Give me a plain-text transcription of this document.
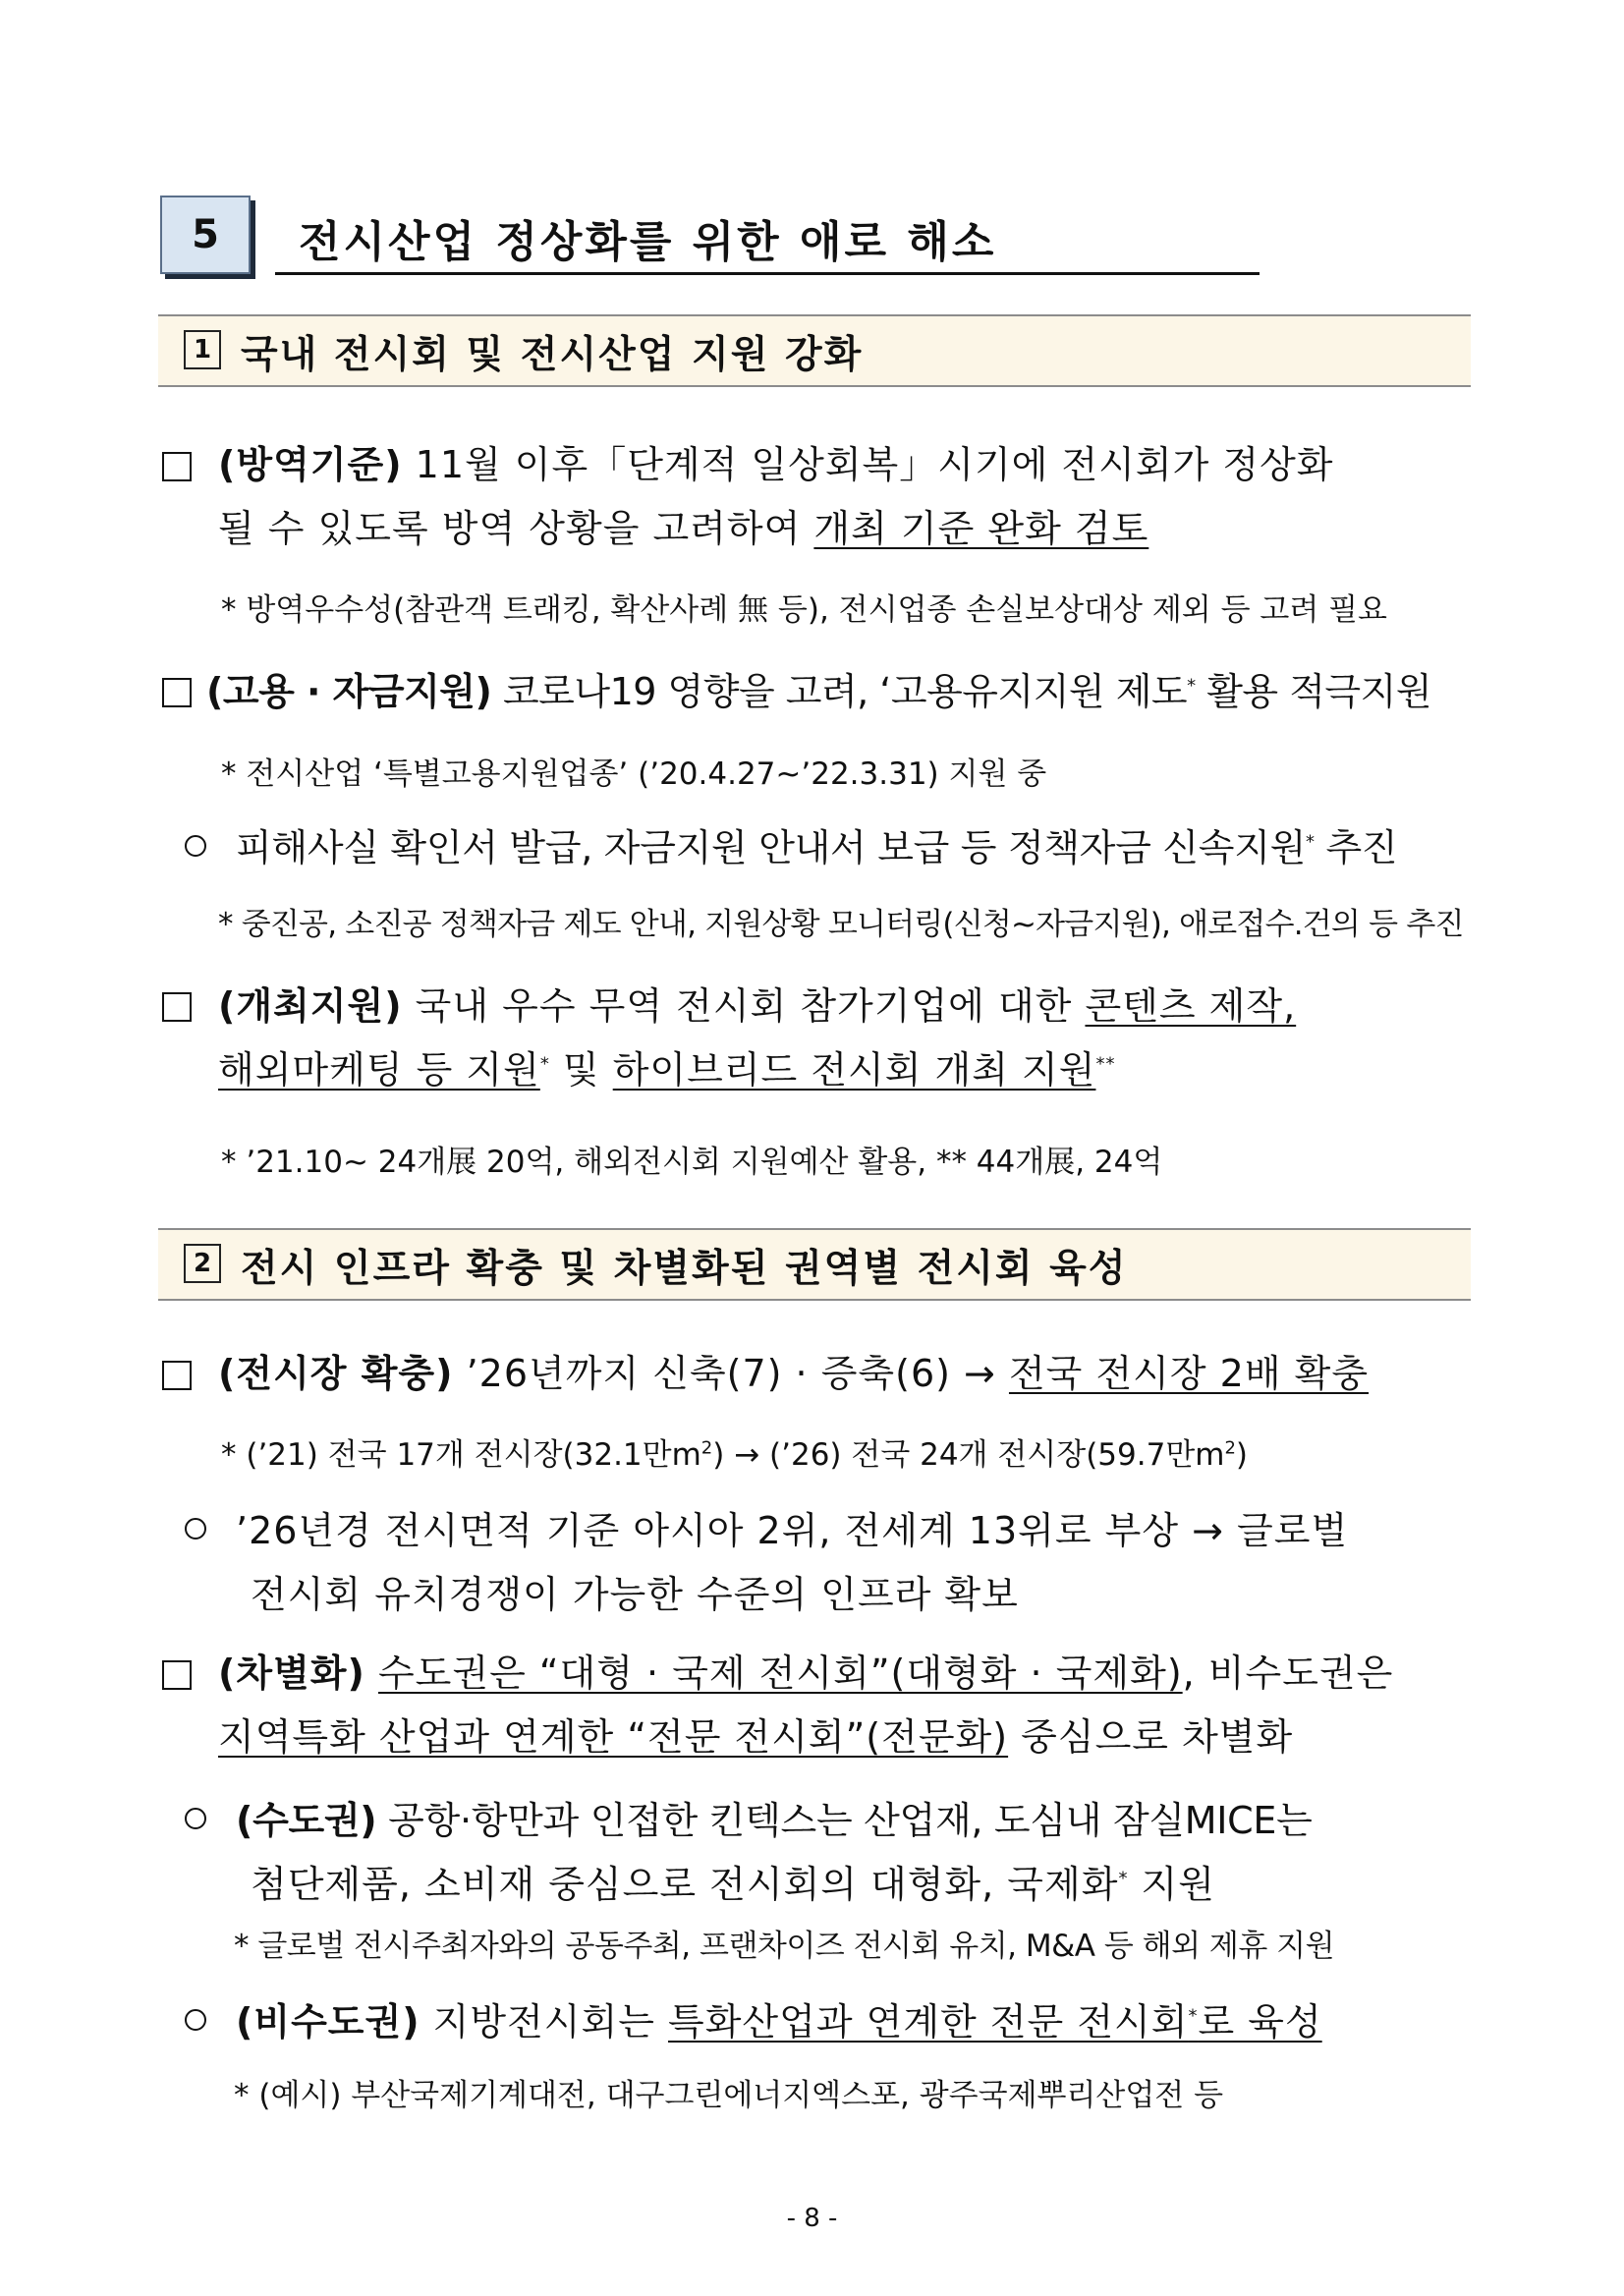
5 전시산업 정상화를 위한 애로 해소
1 국내 전시회 및 전시산업 지원 강화
(방역기준) 11월 이후「단계적 일상회복」시기에 전시회가 정상화
될 수 있도록 방역 상황을 고려하여 개최 기준 완화 검토
* 방역우수성(참관객 트래킹, 확산사례 無 등), 전시업종 손실보상대상 제외 등 고려 필요
(고용 · 자금지원) 코로나19 영향을 고려, ‘고용유지지원 제도* 활용 적극지원
* 전시산업 ‘특별고용지원업종’ (’20.4.27~’22.3.31) 지원 중
피해사실 확인서 발급, 자금지원 안내서 보급 등 정책자금 신속지원* 추진
* 중진공, 소진공 정책자금 제도 안내, 지원상황 모니터링(신청~자금지원), 애로접수.건의 등 추진
(개최지원) 국내 우수 무역 전시회 참가기업에 대한 콘텐츠 제작,
해외마케팅 등 지원* 및 하이브리드 전시회 개최 지원**
* ’21.10~ 24개展 20억, 해외전시회 지원예산 활용, ** 44개展, 24억
2 전시 인프라 확충 및 차별화된 권역별 전시회 육성
(전시장 확충) ’26년까지 신축(7) · 증축(6) → 전국 전시장 2배 확충
* (’21) 전국 17개 전시장(32.1만$m^2$) → (’26) 전국 24개 전시장(59.7만$m^2$)
’26년경 전시면적 기준 아시아 2위, 전세계 13위로 부상 → 글로벌
전시회 유치경쟁이 가능한 수준의 인프라 확보
(차별화) 수도권은 “대형 · 국제 전시회”(대형화 · 국제화), 비수도권은
지역특화 산업과 연계한 “전문 전시회”(전문화) 중심으로 차별화
(수도권) 공항·항만과 인접한 킨텍스는 산업재, 도심내 잠실MICE는
첨단제품, 소비재 중심으로 전시회의 대형화, 국제화* 지원
* 글로벌 전시주최자와의 공동주최, 프랜차이즈 전시회 유치, M&A 등 해외 제휴 지원
(비수도권) 지방전시회는 특화산업과 연계한 전문 전시회*로 육성
* (예시) 부산국제기계대전, 대구그린에너지엑스포, 광주국제뿌리산업전 등
- 8 -
